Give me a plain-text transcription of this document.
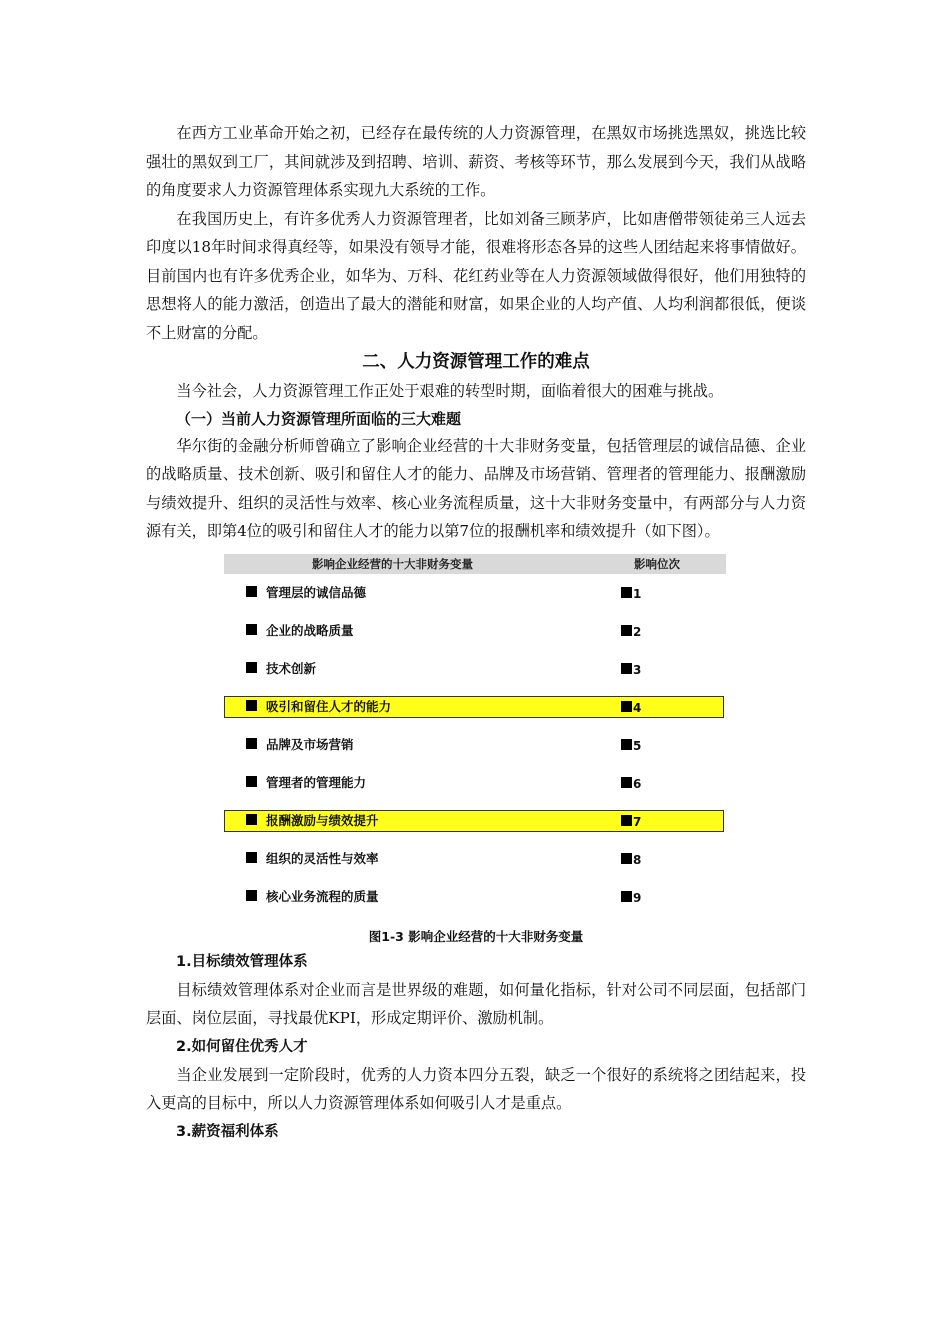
在西方工业革命开始之初，已经存在最传统的人力资源管理，在黑奴市场挑选黑奴，挑选比较强壮的黑奴到工厂，其间就涉及到招聘、培训、薪资、考核等环节，那么发展到今天，我们从战略的角度要求人力资源管理体系实现九大系统的工作。

在我国历史上，有许多优秀人力资源管理者，比如刘备三顾茅庐，比如唐僧带领徒弟三人远去印度以18年时间求得真经等，如果没有领导才能，很难将形态各异的这些人团结起来将事情做好。目前国内也有许多优秀企业，如华为、万科、花红药业等在人力资源领域做得很好，他们用独特的思想将人的能力激活，创造出了最大的潜能和财富，如果企业的人均产值、人均利润都很低，便谈不上财富的分配。

二、人力资源管理工作的难点

当今社会，人力资源管理工作正处于艰难的转型时期，面临着很大的困难与挑战。

（一）当前人力资源管理所面临的三大难题

华尔街的金融分析师曾确立了影响企业经营的十大非财务变量，包括管理层的诚信品德、企业的战略质量、技术创新、吸引和留住人才的能力、品牌及市场营销、管理者的管理能力、报酬激励与绩效提升、组织的灵活性与效率、核心业务流程质量，这十大非财务变量中，有两部分与人力资源有关，即第4位的吸引和留住人才的能力以第7位的报酬机率和绩效提升（如下图）。

影响企业经营的十大非财务变量	影响位次
管理层的诚信品德	1
企业的战略质量	2
技术创新	3
吸引和留住人才的能力	4
品牌及市场营销	5
管理者的管理能力	6
报酬激励与绩效提升	7
组织的灵活性与效率	8
核心业务流程的质量	9
图1-3 影响企业经营的十大非财务变量
1.目标绩效管理体系

目标绩效管理体系对企业而言是世界级的难题，如何量化指标，针对公司不同层面，包括部门层面、岗位层面，寻找最优KPI，形成定期评价、激励机制。

2.如何留住优秀人才

当企业发展到一定阶段时，优秀的人力资本四分五裂，缺乏一个很好的系统将之团结起来，投入更高的目标中，所以人力资源管理体系如何吸引人才是重点。

3.薪资福利体系
